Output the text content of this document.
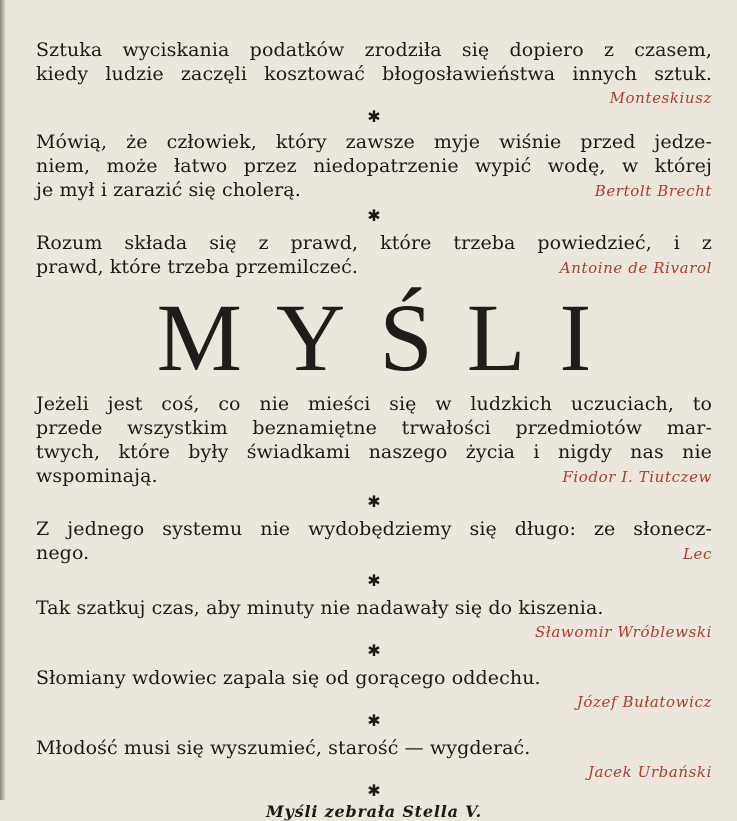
Sztuka wyciskania podatków zrodziła się dopiero z czasem,
kiedy ludzie zaczęli kosztować błogosławieństwa innych sztuk.
Monteskiusz
✱
Mówią, że człowiek, który zawsze myje wiśnie przed jedze-
niem, może łatwo przez niedopatrzenie wypić wodę, w której
je mył i zarazić się cholerą.	Bertolt Brecht
✱
Rozum składa się z prawd, które trzeba powiedzieć, i z
prawd, które trzeba przemilczeć.	Antoine de Rivarol
MYŚLI
Jeżeli jest coś, co nie mieści się w ludzkich uczuciach, to
przede wszystkim beznamiętne trwałości przedmiotów mar-
twych, które były świadkami naszego życia i nigdy nas nie
wspominają.	Fiodor I. Tiutczew
✱
Z jednego systemu nie wydobędziemy się długo: ze słonecz-
nego.	Lec
✱
Tak szatkuj czas, aby minuty nie nadawały się do kiszenia.
Sławomir Wróblewski
✱
Słomiany wdowiec zapala się od gorącego oddechu.
Józef Bułatowicz
✱
Młodość musi się wyszumieć, starość — wygderać.
Jacek Urbański
✱
Myśli zebrała Stella V.
